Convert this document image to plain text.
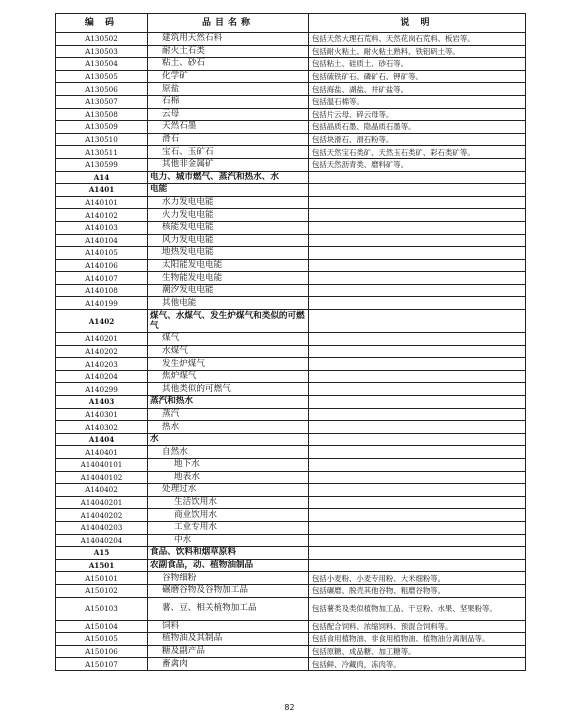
编 码	品目名称	说 明
A130502	建筑用天然石料	包括天然大理石荒料、天然花岗石荒料、板岩等。
A130503	耐火土石类	包括耐火粘土、耐火粘土熟料、铁铝矾土等。
A130504	粘土、砂石	包括粘土、硅质土、砂石等。
A130505	化学矿	包括硫铁矿石、磷矿石、钾矿等。
A130506	原盐	包括海盐、湖盐、井矿盐等。
A130507	石棉	包括温石棉等。
A130508	云母	包括片云母、碎云母等。
A130509	天然石墨	包括晶质石墨、隐晶质石墨等。
A130510	滑石	包括块滑石、滑石粉等。
A130511	宝石、玉矿石	包括天然宝石类矿、天然玉石类矿、彩石类矿等。
A130599	其他非金属矿	包括天然沥青类、磨料矿等。
A14	电力、城市燃气、蒸汽和热水、水	
A1401	电能	
A140101	水力发电电能	
A140102	火力发电电能	
A140103	核能发电电能	
A140104	风力发电电能	
A140105	地热发电电能	
A140106	太阳能发电电能	
A140107	生物能发电电能	
A140108	潮汐发电电能	
A140199	其他电能	
A1402	煤气、水煤气、发生炉煤气和类似的可燃气	
A140201	煤气	
A140202	水煤气	
A140203	发生炉煤气	
A140204	焦炉煤气	
A140299	其他类似的可燃气	
A1403	蒸汽和热水	
A140301	蒸汽	
A140302	热水	
A1404	水	
A140401	自然水	
A14040101	地下水	
A14040102	地表水	
A140402	处理过水	
A14040201	生活饮用水	
A14040202	商业饮用水	
A14040203	工业专用水	
A14040204	中水	
A15	食品、饮料和烟草原料	
A1501	农副食品，动、植物油制品	
A150101	谷物细粉	包括小麦粉、小麦专用粉、大米细粉等。
A150102	碾磨谷物及谷物加工品	包括碾磨、脱壳其他谷物、粗磨谷物等。
A150103	薯、豆、相关植物加工品	包括薯类及类似植物加工品、干豆粉、水果、坚果粉等。
A150104	饲料	包括配合饲料、浓缩饲料、预混合饲料等。
A150105	植物油及其制品	包括食用植物油、非食用植物油、植物油分离制品等。
A150106	糖及副产品	包括原糖、成品糖、加工糖等。
A150107	畜禽肉	包括鲜、冷藏肉，冻肉等。
82
